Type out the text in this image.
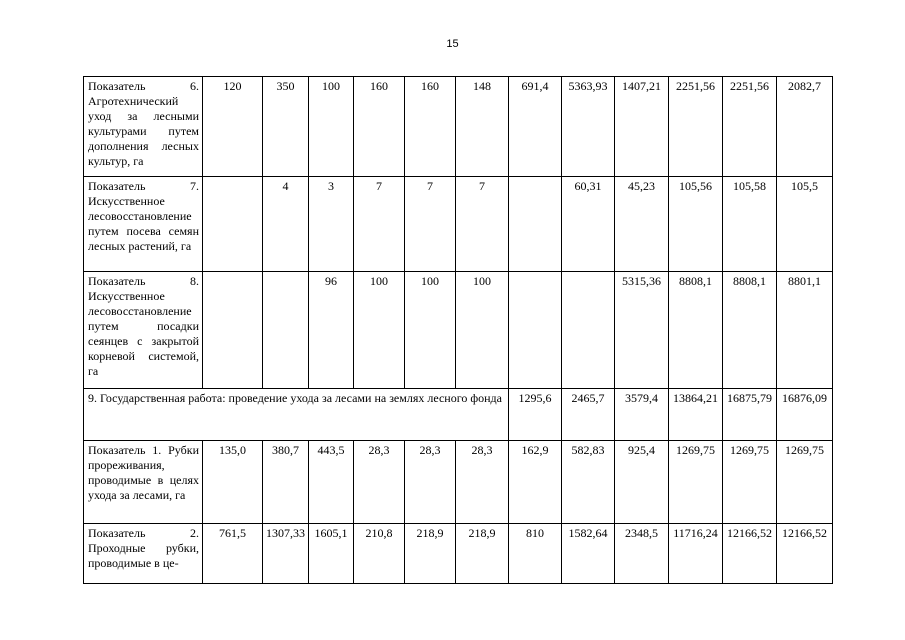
15
Показатель 6. Агротехнический уход за лесными культурами путем дополнения лесных культур, га	120	350	100	160	160	148	691,4	5363,93	1407,21	2251,56	2251,56	2082,7
Показатель 7. Искусственное лесовосстановление путем посева семян лесных растений, га		4	3	7	7	7		60,31	45,23	105,56	105,58	105,5
Показатель 8. Искусственное лесовосстановление путем посадки сеянцев с закрытой корневой системой, га			96	100	100	100			5315,36	8808,1	8808,1	8801,1
9. Государственная работа: проведение ухода за лесами на землях лесного фонда							1295,6	2465,7	3579,4	13864,21	16875,79	16876,09
Показатель 1. Рубки прореживания, проводимые в целях ухода за лесами, га	135,0	380,7	443,5	28,3	28,3	28,3	162,9	582,83	925,4	1269,75	1269,75	1269,75

Показатель 2. Проходные рубки, проводимые в це-	761,5	1307,33	1605,1	210,8	218,9	218,9	810	1582,64	2348,5	11716,24	12166,52	12166,52
